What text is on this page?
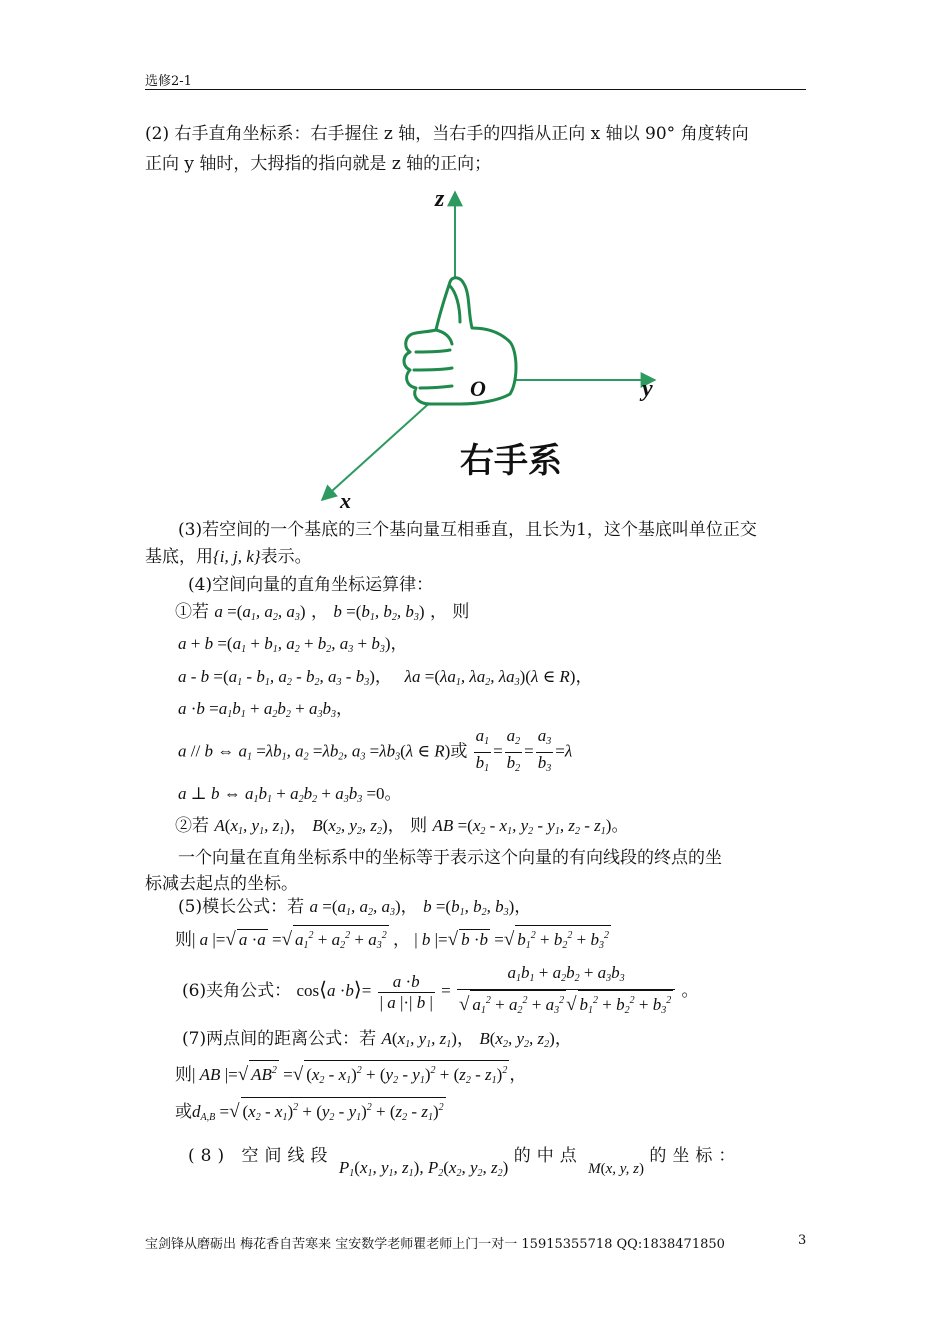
选修2-1
(2) 右手直角坐标系：右手握住 z 轴，当右手的四指从正向 x 轴以 90° 角度转向
正向 y 轴时，大拇指的指向就是 z 轴的正向；
z
y
x
O
右手系
(3)若空间的一个基底的三个基向量互相垂直，且长为1，这个基底叫单位正交
基底，用{i, j, k}表示。
(4)空间向量的直角坐标运算律：
①若 $a =(a_1$, $a_2$, $a_3$) ， $b =(b_1$, $b_2$, $b_3$) ， 则
$a + b =(a_1 + b_1$, $a_2 + b_2$, $a_3 + b_3$)，
$a - b =(a_1 - b_1$, $a_2 - b_2$, $a_3 - b_3$)，   $\lambda a =(\lambda a_1$, $\lambda a_2$, $\lambda a_3)(\lambda$ ∈ R)，
$a \cdot b =a_1b_1 + a_2b_2 + a_3b_3$，
a // b ⇔ $a_1 =\lambda b_1$, $a_2 =\lambda b_2$, $a_3 =\lambda b_3(\lambda$ ∈ R)或 $\frac{a_1}{b_1} = \frac{a_2}{b_2} = \frac{a_3}{b_3} =\lambda$
a ⊥ b ⇔ $a_1b_1 + a_2b_2 + a_3b_3 =0$。
②若 $A(x_1$, $y_1$, $z_1$)， $B(x_2$, $y_2$, $z_2$)， 则 AB $=(x_2 - x_1$, $y_2 - y_1$, $z_2 - z_1$)。
一个向量在直角坐标系中的坐标等于表示这个向量的有向线段的终点的坐
标减去起点的坐标。
(5)模长公式：若 $a =(a_1$, $a_2$, $a_3$)， $b =(b_1$, $b_2$, $b_3$)，
则| a |=√ a ·a =√ $a_1^2 + a_2^2 + a_3^2$ ， | b |=√ b ·b =√ $b_1^2 + b_2^2 + b_3^2$
(6)夹角公式： cos⟨a ·b⟩= $\frac{a \cdot b}{| a |\cdot| b |} = \frac{a_1b_1 + a_2b_2 + a_3b_3}{√ a_1^2 + a_2^2 + a_3^2 √ b_1^2 + b_2^2 + b_3^2}$ 。
(7)两点间的距离公式：若 $A(x_1$, $y_1$, $z_1$)， $B(x_2$, $y_2$, $z_2$)，
则| AB |=√ $AB^2$ =√ $(x_2 - x_1)^2 + (y_2 - y_1)^2 + (z_2 - z_1)^2$ ，
或$d_{A,B}$ =√ $(x_2 - x_1)^2 + (y_2 - y_1)^2 + (z_2 - z_1)^2$
(8) 空间线段 $P_1(x_1$, $y_1$, $z_1$), $P_2(x_2$, $y_2$, $z_2$) 的中点 M(x, y, z) 的坐标：
宝剑锋从磨砺出 梅花香自苦寒来 宝安数学老师瞿老师上门一对一 15915355718 QQ:1838471850	3
